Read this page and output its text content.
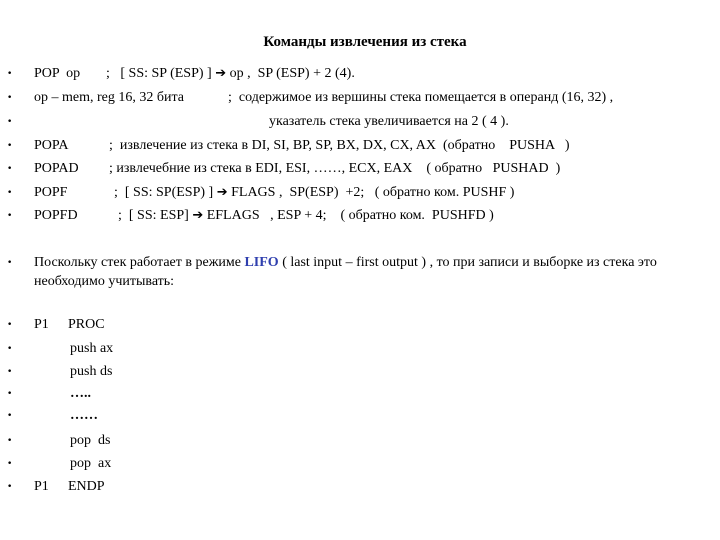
Команды извлечения из стека
• POP  op ;   [ SS: SP (ESP) ] ➔ op ,  SP (ESP) + 2 (4).
• op – mem, reg 16, 32 бита	;  содержимое из вершины стека помещается в операнд (16, 32) ,
•	указатель стека увеличивается на 2 ( 4 ).
• POPA	;  извлечение из стека в DI, SI, BP, SP, BX, DX, CX, AX  (обратно    PUSHA   )
• POPAD ; извлечебние из стека в EDI, ESI, ……, ECX, EAX    ( обратно   PUSHAD  )
• POPF	;  [ SS: SP(ESP) ] ➔ FLAGS ,  SP(ESP)  +2;   ( обратно ком. PUSHF )
• POPFD	;  [ SS: ESP] ➔ EFLAGS   , ESP + 4;    ( обратно ком.  PUSHFD )
• Поскольку стек работает в режиме LIFO ( last input – first output ) , то при записи и выборке из стека это необходимо учитывать:
• P1 PROC
•	push ax
•	push ds
•	…..
•	……
•	pop  ds
•	pop  ax
• P1 ENDP
